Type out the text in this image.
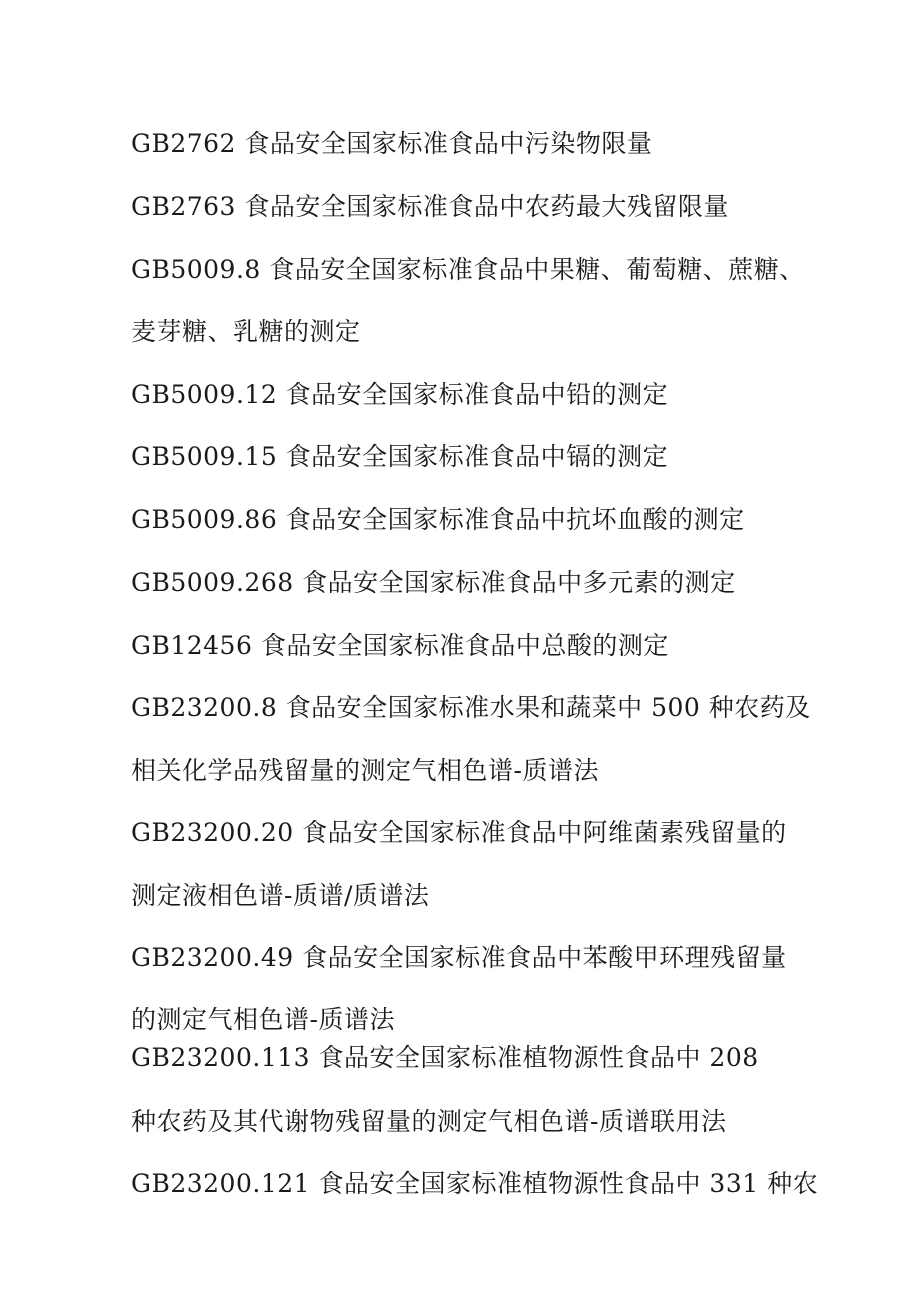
GB2762 食品安全国家标准食品中污染物限量
GB2763 食品安全国家标准食品中农药最大残留限量
GB5009.8 食品安全国家标准食品中果糖、葡萄糖、蔗糖、
麦芽糖、乳糖的测定
GB5009.12 食品安全国家标准食品中铅的测定
GB5009.15 食品安全国家标准食品中镉的测定
GB5009.86 食品安全国家标准食品中抗坏血酸的测定
GB5009.268 食品安全国家标准食品中多元素的测定
GB12456 食品安全国家标准食品中总酸的测定
GB23200.8 食品安全国家标准水果和蔬菜中 500 种农药及
相关化学品残留量的测定气相色谱-质谱法
GB23200.20 食品安全国家标准食品中阿维菌素残留量的
测定液相色谱-质谱/质谱法
GB23200.49 食品安全国家标准食品中苯酸甲环理残留量
的测定气相色谱-质谱法
GB23200.113 食品安全国家标准植物源性食品中 208
种农药及其代谢物残留量的测定气相色谱-质谱联用法
GB23200.121 食品安全国家标准植物源性食品中 331 种农
